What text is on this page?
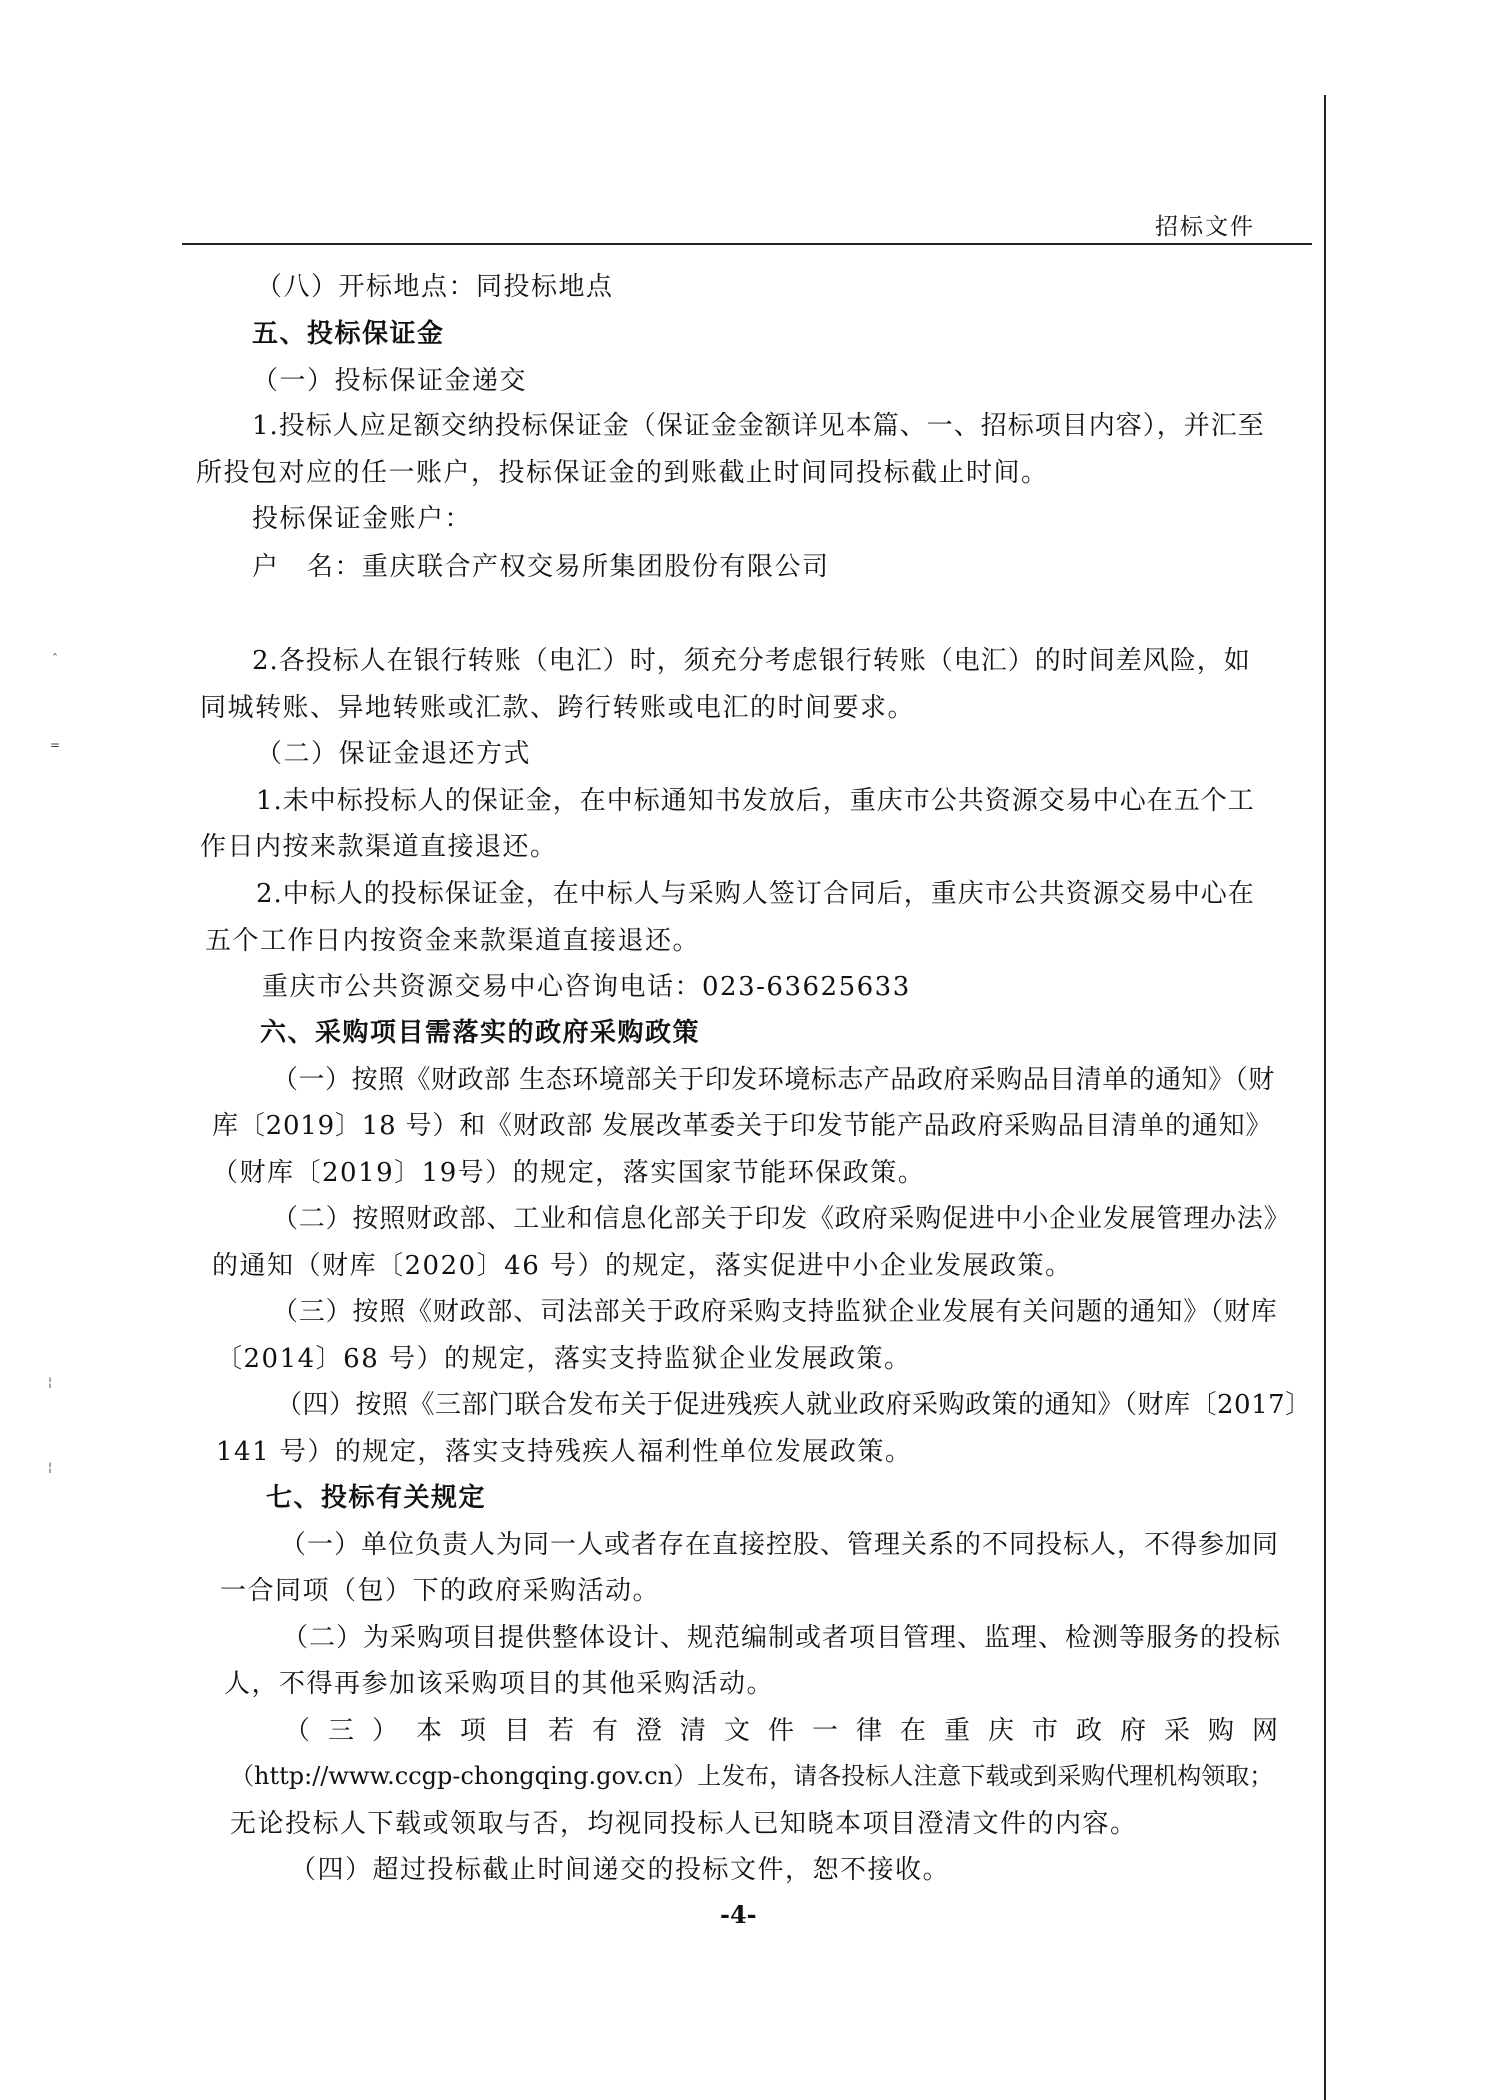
招标文件
（八）开标地点：同投标地点
五、投标保证金
（一）投标保证金递交
1.投标人应足额交纳投标保证金（保证金金额详见本篇、一、招标项目内容），并汇至
所投包对应的任一账户，投标保证金的到账截止时间同投标截止时间。
投标保证金账户：
户　名：重庆联合产权交易所集团股份有限公司
2.各投标人在银行转账（电汇）时，须充分考虑银行转账（电汇）的时间差风险，如
同城转账、异地转账或汇款、跨行转账或电汇的时间要求。
（二）保证金退还方式
1.未中标投标人的保证金，在中标通知书发放后，重庆市公共资源交易中心在五个工
作日内按来款渠道直接退还。
2.中标人的投标保证金，在中标人与采购人签订合同后，重庆市公共资源交易中心在
五个工作日内按资金来款渠道直接退还。
重庆市公共资源交易中心咨询电话：023-63625633
六、采购项目需落实的政府采购政策
（一）按照《财政部 生态环境部关于印发环境标志产品政府采购品目清单的通知》（财
库〔2019〕18 号）和《财政部 发展改革委关于印发节能产品政府采购品目清单的通知》
（财库〔2019〕19号）的规定，落实国家节能环保政策。
（二）按照财政部、工业和信息化部关于印发《政府采购促进中小企业发展管理办法》
的通知（财库〔2020〕46 号）的规定，落实促进中小企业发展政策。
（三）按照《财政部、司法部关于政府采购支持监狱企业发展有关问题的通知》（财库
〔2014〕68 号）的规定，落实支持监狱企业发展政策。
（四）按照《三部门联合发布关于促进残疾人就业政府采购政策的通知》（财库〔2017〕
141 号）的规定，落实支持残疾人福利性单位发展政策。
七、投标有关规定
（一）单位负责人为同一人或者存在直接控股、管理关系的不同投标人，不得参加同
一合同项（包）下的政府采购活动。
（二）为采购项目提供整体设计、规范编制或者项目管理、监理、检测等服务的投标
人，不得再参加该采购项目的其他采购活动。
（三）本项目若有澄清文件一律在重庆市政府采购网
（http://www.ccgp-chongqing.gov.cn）上发布，请各投标人注意下载或到采购代理机构领取；
无论投标人下载或领取与否，均视同投标人已知晓本项目澄清文件的内容。
（四）超过投标截止时间递交的投标文件，恕不接收。
-4-
ˆ
=
¦
¦
